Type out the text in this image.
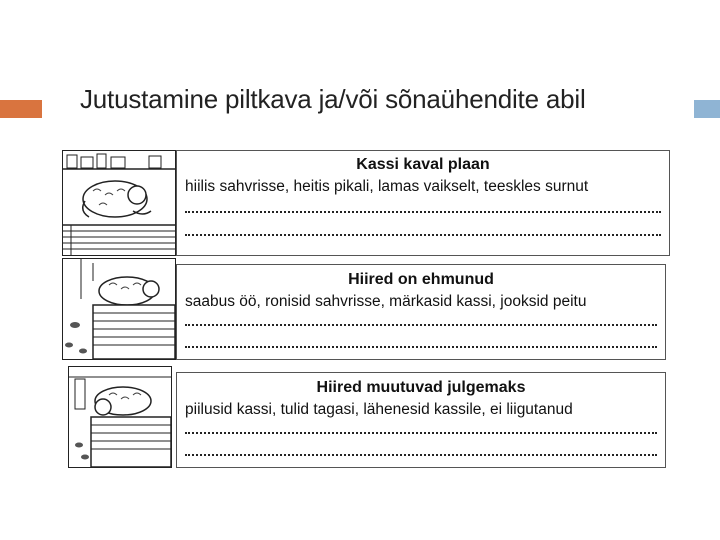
Jutustamine piltkava ja/või sõnaühendite abil
Kassi kaval plaan
hiilis sahvrisse, heitis pikali, lamas vaikselt, teeskles surnut
Hiired on ehmunud
saabus öö, ronisid sahvrisse, märkasid kassi, jooksid peitu
Hiired muutuvad julgemaks
piilusid kassi, tulid tagasi, lähenesid kassile, ei liigutanud
